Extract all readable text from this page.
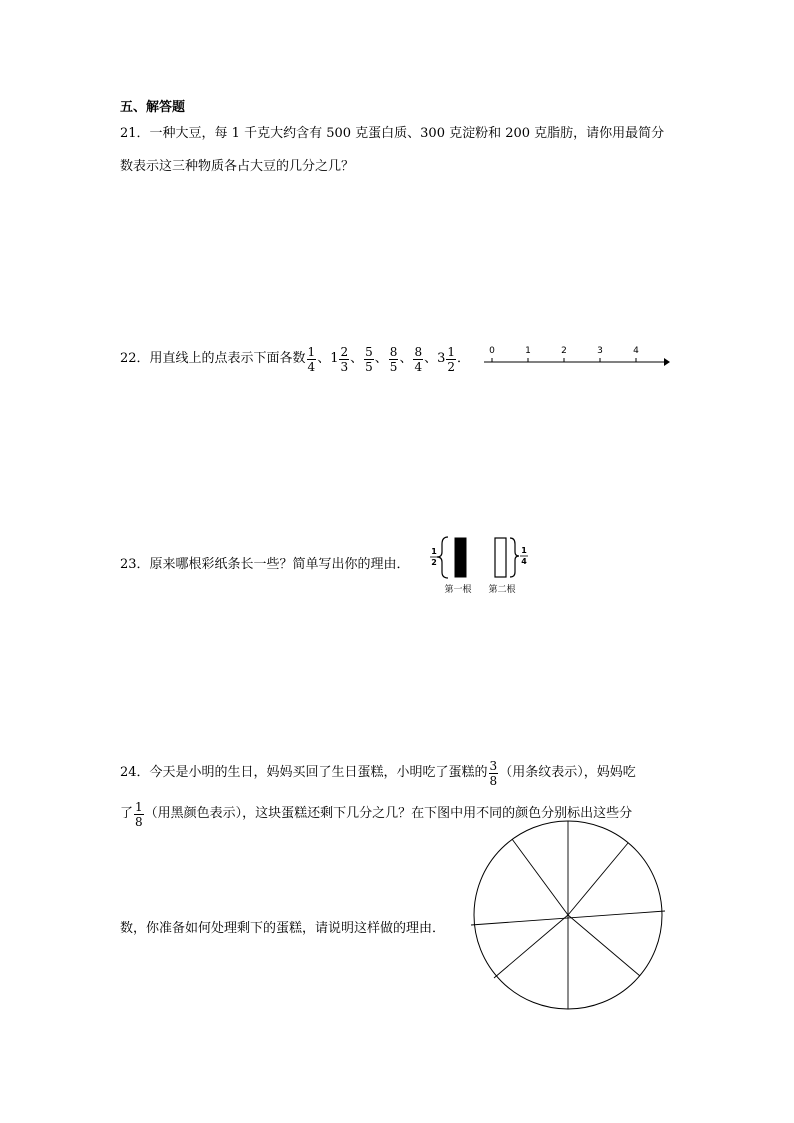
五、解答题
21．一种大豆，每 1 千克大约含有 500 克蛋白质、300 克淀粉和 200 克脂肪，请你用最简分
数表示这三种物质各占大豆的几分之几？
22．用直线上的点表示下面各数 $\frac{1}{4}$ 、 $1 \frac{2}{3}$ 、 $\frac{5}{5}$ 、 $\frac{8}{5}$ 、 $\frac{8}{4}$ 、 $3 \frac{1}{2}$ ． 0	1	2	3	4
23．原来哪根彩纸条长一些？简单写出你的理由．
1
2
1
4
第一根 第二根
24．今天是小明的生日，妈妈买回了生日蛋糕，小明吃了蛋糕的 $\frac{3}{8}$ （用条纹表示），妈妈吃
了 $\frac{1}{8}$ （用黑颜色表示），这块蛋糕还剩下几分之几？在下图中用不同的颜色分别标出这些分
数，你准备如何处理剩下的蛋糕，请说明这样做的理由．
